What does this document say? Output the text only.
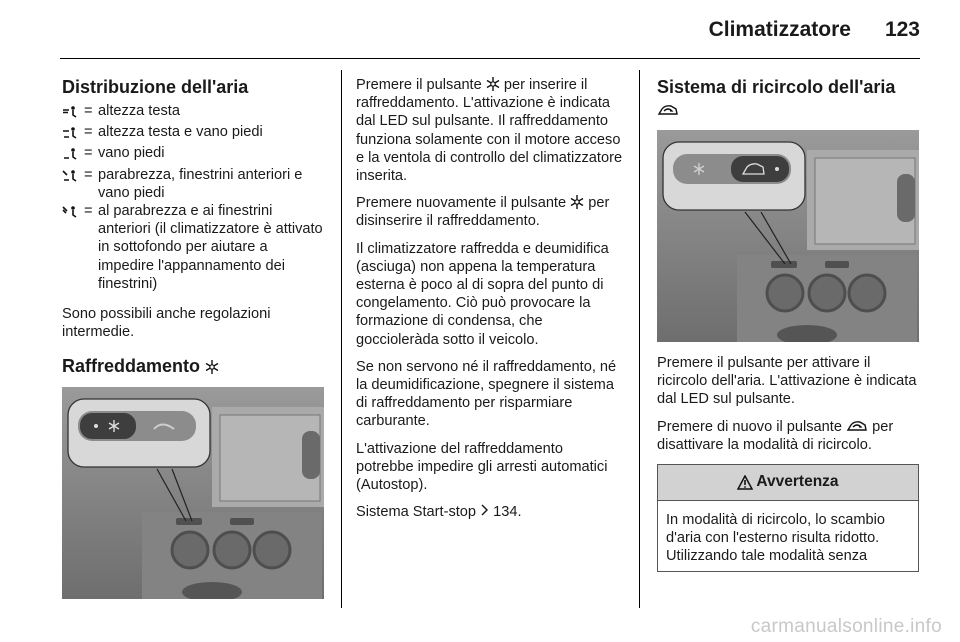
Climatizzatore 123
Distribuzione dell'aria
= altezza testa
= altezza testa e vano piedi
= vano piedi
= parabrezza, finestrini anteriori e vano piedi
= al parabrezza e ai finestrini anteriori (il climatizzatore è attivato in sottofondo per aiutare a impedire l'appannamento dei finestrini)

Sono possibili anche regolazioni intermedie.

Raffreddamento

Premere il pulsante per inserire il raffreddamento. L'attivazione è indicata dal LED sul pulsante. Il raffreddamento funziona solamente con il motore acceso e la ventola di controllo del climatizzatore inserita.

Premere nuovamente il pulsante per disinserire il raffreddamento.

Il climatizzatore raffredda e deumidifica (asciuga) non appena la temperatura esterna è poco al di sopra del punto di congelamento. Ciò può provocare la formazione di condensa, che goccioleràda sotto il veicolo.

Se non servono né il raffreddamento, né la deumidificazione, spegnere il sistema di raffreddamento per risparmiare carburante.

L'attivazione del raffreddamento potrebbe impedire gli arresti automatici (Autostop).

Sistema Start-stop 134.

Sistema di ricircolo dell'aria

Premere il pulsante per attivare il ricircolo dell'aria. L'attivazione è indicata dal LED sul pulsante.

Premere di nuovo il pulsante per disattivare la modalità di ricircolo.

Avvertenza
In modalità di ricircolo, lo scambio d'aria con l'esterno risulta ridotto. Utilizzando tale modalità senza
carmanualsonline.info
